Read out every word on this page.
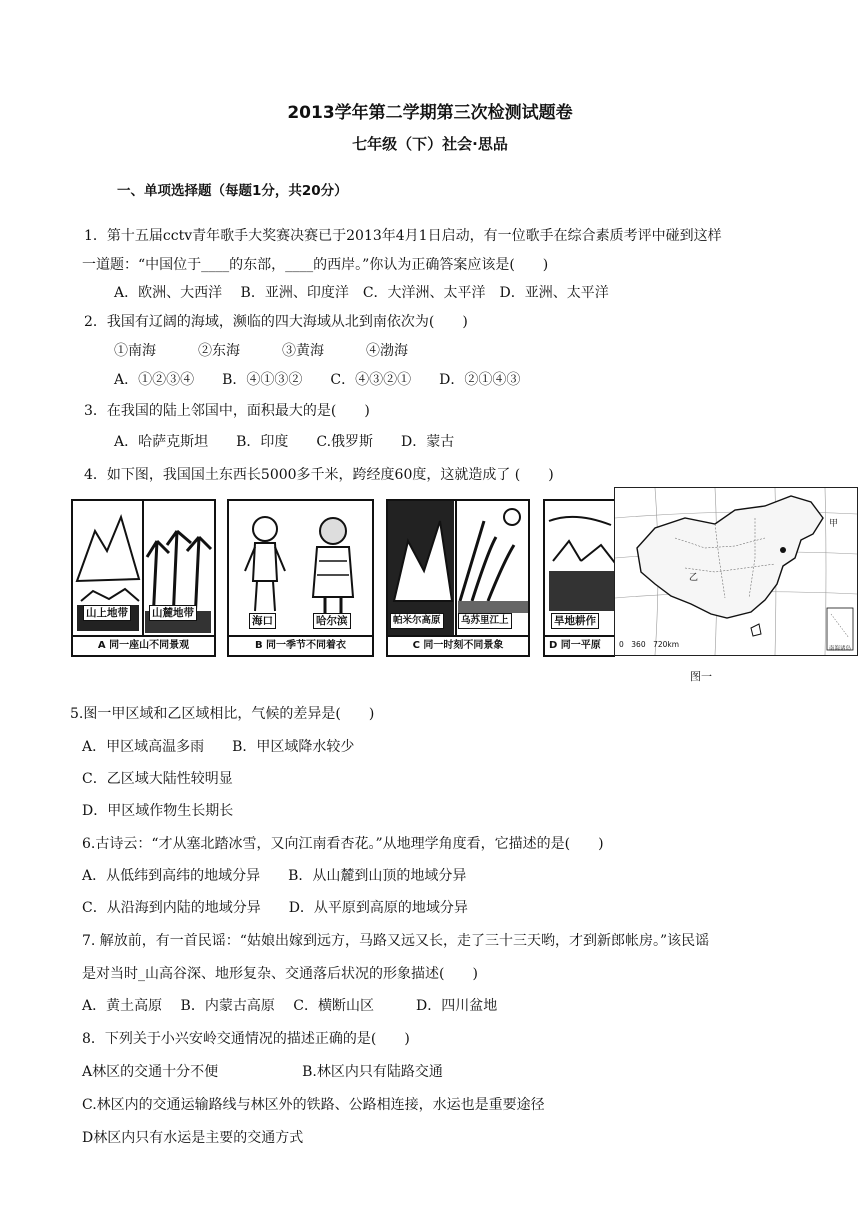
2013学年第二学期第三次检测试题卷
七年级（下）社会·思品
一、单项选择题（每题1分，共20分）
1．第十五届cctv青年歌手大奖赛决赛已于2013年4月1日启动，有一位歌手在综合素质考评中碰到这样
一道题：“中国位于____的东部，____的西岸。”你认为正确答案应该是(　　)
A．欧洲、大西洋　 B．亚洲、印度洋　C．大洋洲、太平洋　D．亚洲、太平洋
2．我国有辽阔的海域，濒临的四大海域从北到南依次为(　　)
①南海　　　②东海　　　③黄海　　　④渤海
A．①②③④　　B．④①③②　　C．④③②①　　D．②①④③
3．在我国的陆上邻国中，面积最大的是(　　)
A．哈萨克斯坦　　B．印度　　C.俄罗斯　　D．蒙古
4．如下图，我国国土东西长5000多千米，跨经度60度，这就造成了 (　　)
山上地带 山麓地带
A 同一座山不同景观
海口	哈尔滨
B 同一季节不同着衣
帕米尔高原	乌苏里江上
C 同一时刻不同景象
旱地耕作
D 同一平原
甲
乙
0　360　720km	南海诸岛
图一
5.图一甲区域和乙区域相比，气候的差异是(　　)
A．甲区域高温多雨　　B．甲区域降水较少
C．乙区域大陆性较明显
D．甲区域作物生长期长
6.古诗云：“才从塞北踏冰雪，又向江南看杏花。”从地理学角度看，它描述的是(　　)
A．从低纬到高纬的地域分异　　B．从山麓到山顶的地域分异
C．从沿海到内陆的地域分异　　D．从平原到高原的地域分异
7. 解放前，有一首民谣：“姑娘出嫁到远方，马路又远又长，走了三十三天哟，才到新郎帐房。”该民谣
是对当时_山高谷深、地形复杂、交通落后状况的形象描述(　　)
A．黄土高原　 B．内蒙古高原　 C．横断山区　　　D．四川盆地
8．下列关于小兴安岭交通情况的描述正确的是(　　)
A林区的交通十分不便　　　　　　B.林区内只有陆路交通
C.林区内的交通运输路线与林区外的铁路、公路相连接，水运也是重要途径
D林区内只有水运是主要的交通方式
